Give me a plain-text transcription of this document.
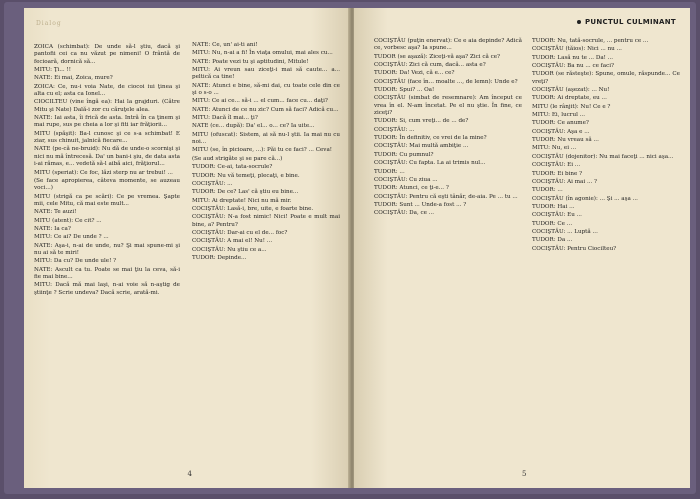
Dialog

ZOICA (schimbat): De unde să-l ştiu, dacă şi pantofii cei ca nu văzut pe nimeni! O frântă de fecioară, dornică să...

MITU: Ţi... !!

NATE: Ei mai, Zoica, mure?

ZOICA: Ce, nu-i voia Nate, de ciocoi iui ţinea şi alta cu el; asta ca Ionel...

CIOCILTEU (vine îngă ea): Hai la grajduri. (Către Mitu şi Nate) Dală-i zor cu căruţele alea.

NATE: Iai asta, îi frică de asta. Intră în ca ţinem şi mai rupe, sus pe cheia a lor şi fiti iar frăţiorii...

MITU (spăşit): Ba-l cunosc şi ce s-a schimbat! E ziar, sus chinuit, jalnică fiecare...

NATE (pe-că ne-bruid): Nu dă de unde-o scornişi şi nici nu mă întrecesă. Da' un bani-i şiu, de data asta i-ai rămas, e... vedetă să-l aibă aici, frăţiorul...

MITU (speriat): Ce foc, lăzi sterp nu ar trebui! ...

(Se face apropierea, câteva momente, se auzeau voci...)

MITU (strigă ca pe scări): Ce pe vremea. Şapte mii, cele Mitu, că mai este mult...

NATE: Te auzi!

MITU (atent): Ce cit? ...

NATE: Ia ca?

MITU: Ce ai? De unde ? ...

NATE: Aşa-i, n-ai de unde, nu? Şi mai spune-mi şi nu ai să te miri!

MITU: Da cu? De unde ule! ?

NATE: Ascult ca tu. Poate se mai ţiu la ceva, să-i fie mai bine...

MITU: Dacă mă mai laşi, n-ai voie să n-aştig de ştiinţe ? Scrie undeva? Dacă scrie, arată-mi.

NATE: Ce, un' ai-ti ani!

MITU: Nu, n-ai a fi! În viaţa omului, mai ales cu...

NATE: Poate vezi tu şi aptitudini, Mitule!

MITU: Ai vreun sau ziceţi-i mai să caute... a... peltică ca tine!

NATE: Atunci e bine, să-mi dai, cu toate cele din ce şi o s-o ...

MITU: Ce ai ce... să-i ... el cum... face cu... daţi?

NATE: Atunci de ce nu zic? Cum să faci? Adică cu...

MITU: Dacă îl mai... ţi?

NATE (ce... după): Da' el... o... ce? Ia uite...

MITU (ofuscat): Sistem, ai să nu-l ştii. Ia mai nu cu noi...

MITU (se, în picioare, ...): Păi tu ce faci? ... Ceva!

(Se aud strigăte şi se pare că...)

TUDOR: Ce-ai, tata-socrule?

TUDOR: Nu vă temeţi, plecaţi, e bine.

COCIŞTĂU: ...

TUDOR: De ce? Las' că ştiu eu bine...

MITU: Ai dreptate! Nici nu mă mir.

COCIŞTĂU: Lasă-i, bre, uite, e foarte bine.

COCIŞTĂU: N-a fost nimic! Nici! Poate e mult mai bine, a? Pentru?

COCIŞTĂU: Dar-ai cu el de... foc?

COCIŞTĂU: A mai el! Nu! ...

COCIŞTĂU: Nu ştiu ce a...

TUDOR: Depinde...

4
PUNCTUL CULMINANT

COCIŞTĂU (puţin enervat): Ce e aia depinde? Adică ce, vorbesc aşa? Ia spune...

TUDOR (se aşază): Ziceţi-vă aşa? Zici că ce?

COCIŞTĂU: Zici că cum, dacă... asta e?

TUDOR: Da! Vezi, că e... ce?

COCIŞTĂU (face în... moalte ..., de lemn): Unde e?

TUDOR: Spui? ... Oa!

COCIŞTĂU (simbat de resemnare): Am început ce vrea în el. N-am încetat. Pe el nu ştie. În fine, ce ziceţi?

TUDOR: Si, cum vreţi... de ... de?

COCIŞTĂU: ...

TUDOR: În definitiv, ce vrei de la mine?

COCIŞTĂU: Mai multă ambiţie ...

TUDOR: Cu pumnul?

COCIŞTĂU: Cu fapta. La ai trimis nul...

TUDOR: ...

COCIŞTĂU: Cu ziua ...

TUDOR: Atunci, ce ţi-e... ?

COCIŞTĂU: Pentru că eşti tânăr, de-aia. Pe ... tu ...

TUDOR: Sunt ... Unde-a fost ... ?

COCIŞTĂU: Da, ce ...

TUDOR: Nu, tată-socrule, ... pentru ce ...

COCIŞTĂU (tăios): Nici ... nu ...

TUDOR: Lasă nu te ... Da! ...

COCIŞTĂU: Ba nu ... ce faci?

TUDOR (se răsteşte): Spune, omule, răspunde... Ce vreţi?

COCIŞTĂU (aşezat): ... Nu!

TUDOR: Ai dreptate, eu ...

MITU (le rânjit): Nu! Ce e ?

MITU: Ei, lucrul ...

TUDOR: Ce anume?

COCIŞTĂU: Aşa e ...

TUDOR: Nu vreau să ...

MITU: Nu, ei ...

COCIŞTĂU (dojenitor): Nu mai faceţi ... nici aşa...

COCIŞTĂU: Ei ...

TUDOR: Ei bine ?

COCIŞTĂU: Ai mai ... ?

TUDOR: ...

COCIŞTĂU (în agonie): ... Şi ... aşa ...

TUDOR: Hai ...

COCIŞTĂU: Eu ...

TUDOR: Ce ...

COCIŞTĂU: ... Luptă ...

TUDOR: Da ...

COCIŞTĂU: Pentru Ciocilteu?

5
